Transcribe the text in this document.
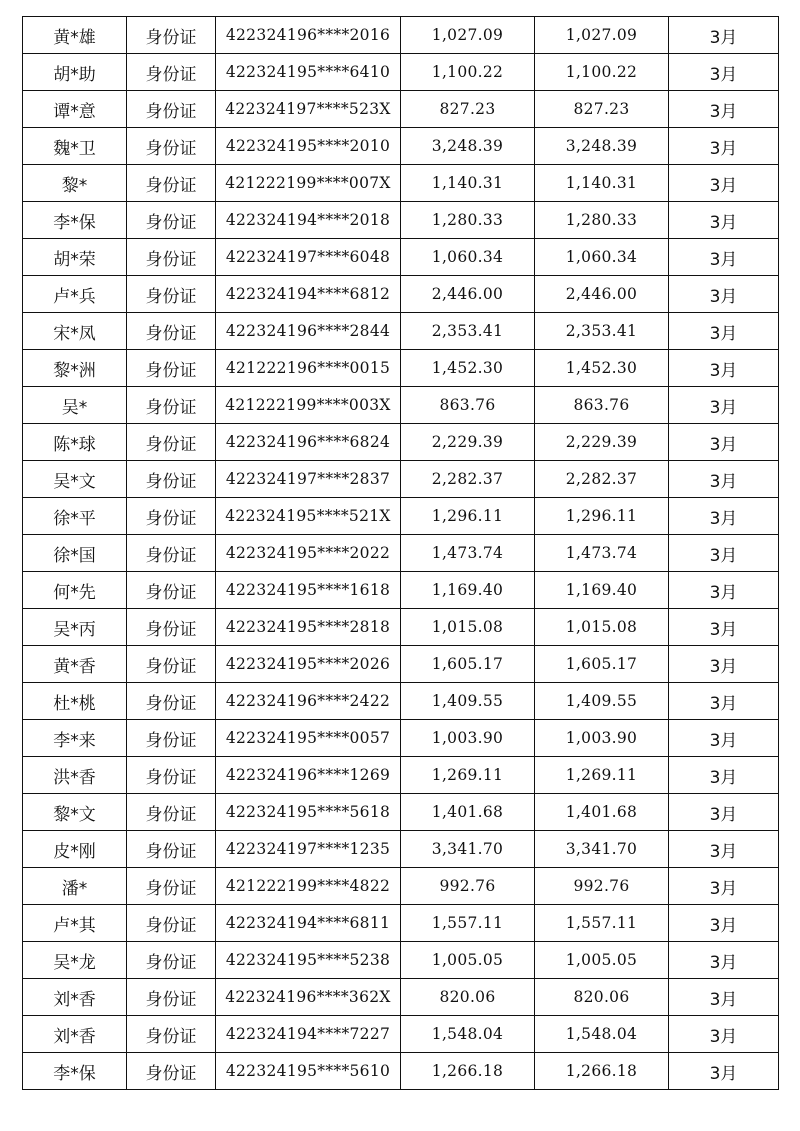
黄*雄	身份证	422324196****2016	1,027.09	1,027.09	3月
胡*助	身份证	422324195****6410	1,100.22	1,100.22	3月
谭*意	身份证	422324197****523X	827.23	827.23	3月
魏*卫	身份证	422324195****2010	3,248.39	3,248.39	3月
黎*	身份证	421222199****007X	1,140.31	1,140.31	3月
李*保	身份证	422324194****2018	1,280.33	1,280.33	3月
胡*荣	身份证	422324197****6048	1,060.34	1,060.34	3月
卢*兵	身份证	422324194****6812	2,446.00	2,446.00	3月
宋*凤	身份证	422324196****2844	2,353.41	2,353.41	3月
黎*洲	身份证	421222196****0015	1,452.30	1,452.30	3月
吴*	身份证	421222199****003X	863.76	863.76	3月
陈*球	身份证	422324196****6824	2,229.39	2,229.39	3月
吴*文	身份证	422324197****2837	2,282.37	2,282.37	3月
徐*平	身份证	422324195****521X	1,296.11	1,296.11	3月
徐*国	身份证	422324195****2022	1,473.74	1,473.74	3月
何*先	身份证	422324195****1618	1,169.40	1,169.40	3月
吴*丙	身份证	422324195****2818	1,015.08	1,015.08	3月
黄*香	身份证	422324195****2026	1,605.17	1,605.17	3月
杜*桃	身份证	422324196****2422	1,409.55	1,409.55	3月
李*来	身份证	422324195****0057	1,003.90	1,003.90	3月
洪*香	身份证	422324196****1269	1,269.11	1,269.11	3月
黎*文	身份证	422324195****5618	1,401.68	1,401.68	3月
皮*刚	身份证	422324197****1235	3,341.70	3,341.70	3月
潘*	身份证	421222199****4822	992.76	992.76	3月
卢*其	身份证	422324194****6811	1,557.11	1,557.11	3月
吴*龙	身份证	422324195****5238	1,005.05	1,005.05	3月
刘*香	身份证	422324196****362X	820.06	820.06	3月
刘*香	身份证	422324194****7227	1,548.04	1,548.04	3月
李*保	身份证	422324195****5610	1,266.18	1,266.18	3月
